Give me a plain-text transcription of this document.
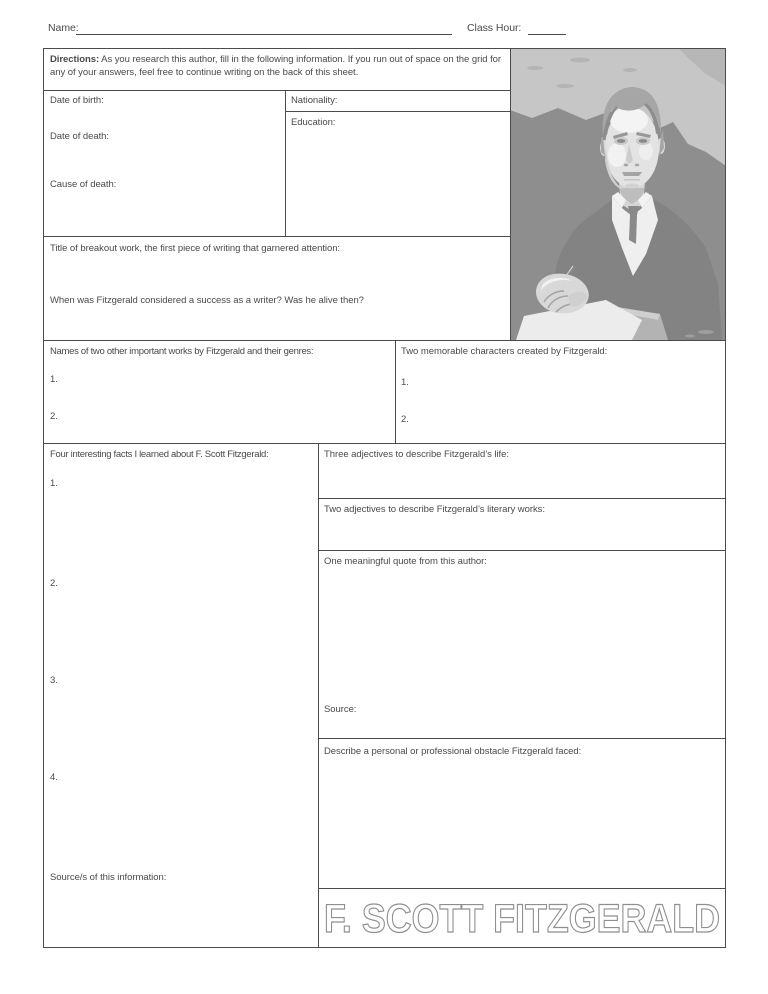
Name:	Class Hour:
Directions: As you research this author, fill in the following information. If you run out of space on the grid for any of your answers, feel free to continue writing on the back of this sheet.
Date of birth:
Date of death:
Cause of death:
Nationality:
Education:
Title of breakout work, the first piece of writing that garnered attention:
When was Fitzgerald considered a success as a writer? Was he alive then?
Names of two other important works by Fitzgerald and their genres:
1.
2.
Two memorable characters created by Fitzgerald:
1.
2.
Four interesting facts I learned about F. Scott Fitzgerald:
1.
2.
3.
4.
Source/s of this information:
Three adjectives to describe Fitzgerald’s life:
Two adjectives to describe Fitzgerald’s literary works:
One meaningful quote from this author:
Source:
Describe a personal or professional obstacle Fitzgerald faced:
F. SCOTT FITZGERALD
